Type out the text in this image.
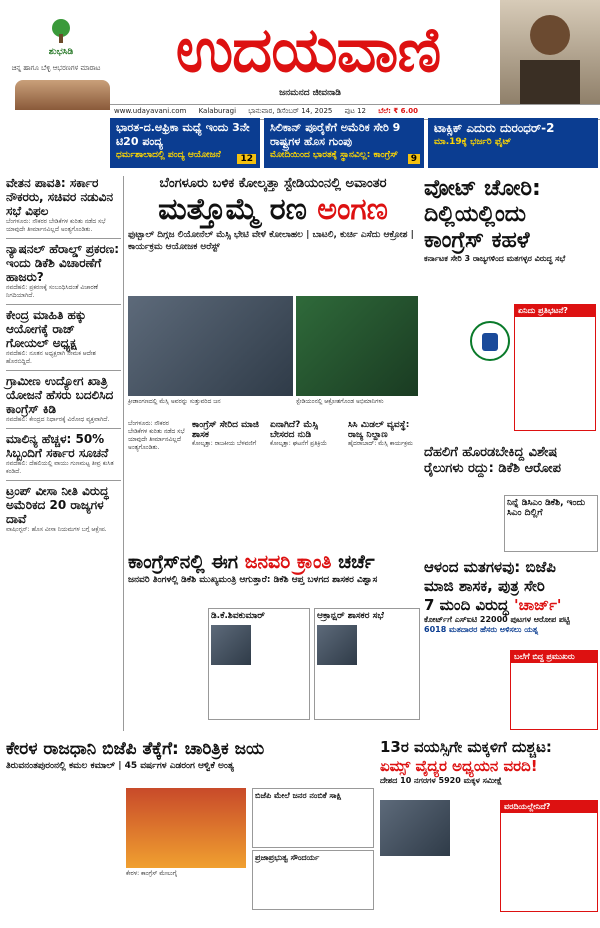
ಶುಭಸಿಡಿ
ಚಿನ್ನ ಹಾಗೂ ಬೆಳ್ಳಿ ಆಭರಣಗಳ ಮಾರಾಟ	ಉದಯವಾಣಿ
ಜನಮನದ ಜೀವನಾಡಿ
www.udayavani.com Kalaburagi ಭಾನುವಾರ, ಡಿಸೆಂಬರ್ 14, 2025 ಪುಟ 12 ಬೆಲೆ: ₹ 6.00
ಭಾರತ-ದ.ಆಫ್ರಿಕಾ ಮಧ್ಯೆ ಇಂದು 3ನೇ ಟಿ20 ಪಂದ್ಯ
ಧರ್ಮಶಾಲಾದಲ್ಲಿ ಪಂದ್ಯ ಆಯೋಜನೆ	12
ಸಿಲಿಕಾನ್ ಪೂರೈಕೆಗೆ ಅಮೆರಿಕ ಸೇರಿ 9 ರಾಷ್ಟ್ರಗಳ ಹೊಸ ಗುಂಪು
ಮೋದಿಯಿಂದ ಭಾರತಕ್ಕೆ ಸ್ಥಾನವಿಲ್ಲ: ಕಾಂಗ್ರೆಸ್	9
ಟಾಕ್ಸಿಕ್ ಎದುರು ದುರಂಧರ್-2
ಮಾ.19ಕ್ಕೆ ಭರ್ಜರಿ ಫೈಟ್
ವೇತನ ಪಾವತಿ: ಸರ್ಕಾರ ನೌಕರರು, ಸಚಿವರ ನಡುವಿನ ಸಭೆ ವಿಫಲ
ಬೆಂಗಳೂರು: ನೌಕರರ ಬೇಡಿಕೆಗಳ ಕುರಿತು ನಡೆದ ಸಭೆ ಯಾವುದೇ ತೀರ್ಮಾನವಿಲ್ಲದೆ ಅಂತ್ಯಗೊಂಡಿತು.
ನ್ಯಾಷನಲ್ ಹೆರಾಲ್ಡ್ ಪ್ರಕರಣ: ಇಂದು ಡಿಕೆಶಿ ವಿಚಾರಣೆಗೆ ಹಾಜರು?
ನವದೆಹಲಿ: ಪ್ರಕರಣಕ್ಕೆ ಸಂಬಂಧಿಸಿದಂತೆ ವಿಚಾರಣೆ ನಿಗದಿಯಾಗಿದೆ.
ಕೇಂದ್ರ ಮಾಹಿತಿ ಹಕ್ಕು ಆಯೋಗಕ್ಕೆ ರಾಜ್ ಗೋಯಲ್ ಅಧ್ಯಕ್ಷ
ನವದೆಹಲಿ: ನೂತನ ಅಧ್ಯಕ್ಷರಾಗಿ ನೇಮಕ ಆದೇಶ ಹೊರಬಿದ್ದಿದೆ.
ಗ್ರಾಮೀಣ ಉದ್ಯೋಗ ಖಾತ್ರಿ ಯೋಜನೆ ಹೆಸರು ಬದಲಿಸಿದ ಕಾಂಗ್ರೆಸ್ ಕಿಡಿ
ನವದೆಹಲಿ: ಕೇಂದ್ರದ ನಿರ್ಧಾರಕ್ಕೆ ವಿರೋಧ ವ್ಯಕ್ತವಾಗಿದೆ.
ಮಾಲಿನ್ಯ ಹೆಚ್ಚಳ: 50% ಸಿಬ್ಬಂದಿಗೆ ಸರ್ಕಾರ ಸೂಚನೆ
ನವದೆಹಲಿ: ದೆಹಲಿಯಲ್ಲಿ ವಾಯು ಗುಣಮಟ್ಟ ತೀವ್ರ ಕುಸಿತ ಕಂಡಿದೆ.
ಟ್ರಂಪ್ ವೀಸಾ ನೀತಿ ವಿರುದ್ಧ ಅಮೆರಿಕದ 20 ರಾಜ್ಯಗಳ ದಾವೆ
ವಾಷಿಂಗ್ಟನ್: ಹೊಸ ವೀಸಾ ನಿಯಮಗಳ ಬಗ್ಗೆ ಆಕ್ಷೇಪ.
ಬೆಂಗಳೂರು ಬಳಿಕ ಕೋಲ್ಕತ್ತಾ ಸ್ಟೇಡಿಯಂನಲ್ಲಿ ಅವಾಂತರ
ಮತ್ತೊಮ್ಮೆ ರಣ ಅಂಗಣ
ಫುಟ್ಬಾಲ್ ದಿಗ್ಗಜ ಲಿಯೋನೆಲ್ ಮೆಸ್ಸಿ ಭೇಟಿ ವೇಳೆ ಕೋಲಾಹಲ | ಬಾಟಲಿ, ಕುರ್ಚಿ ಎಸೆದು ಆಕ್ರೋಶ | ಕಾರ್ಯಕ್ರಮ ಆಯೋಜಕ ಅರೆಸ್ಟ್
ಕ್ರೀಡಾಂಗಣದಲ್ಲಿ ಮೆಸ್ಸಿ ಅವರನ್ನು ಸುತ್ತುವರಿದ ಜನ	ಸ್ಟೇಡಿಯಂನಲ್ಲಿ ಆಕ್ರೋಶಗೊಂಡ ಅಭಿಮಾನಿಗಳು
ಬೆಂಗಳೂರು: ನೌಕರರ ಬೇಡಿಕೆಗಳ ಕುರಿತು ನಡೆದ ಸಭೆ ಯಾವುದೇ ತೀರ್ಮಾನವಿಲ್ಲದೆ ಅಂತ್ಯಗೊಂಡಿತು.
ಕಾಂಗ್ರೆಸ್ ಸೇರಿದ ಮಾಜಿ ಶಾಸಕ
ಕೋಲ್ಕತ್ತಾ: ರಾಜಕೀಯ ಬೆಳವಣಿಗೆ
ಏನಾಗಿದೆ? ಮೆಸ್ಸಿ ಬೇಸರದ ನುಡಿ
ಕೋಲ್ಕತ್ತಾ: ಘಟನೆಗೆ ಪ್ರತಿಕ್ರಿಯೆ
ಸಿಸಿ ಮಿಡಲ್ ವ್ಯವಸ್ಥೆ: ರಾಜ್ಯ ನಿಲ್ದಾಣ
ಹೈದರಾಬಾದ್: ಮೆಸ್ಸಿ ಕಾರ್ಯಕ್ರಮ
ವೋಟ್ ಚೋರಿ:
ದಿಲ್ಲಿಯಲ್ಲಿಂದು
ಕಾಂಗ್ರೆಸ್ ಕಹಳೆ
ಕರ್ನಾಟಕ ಸೇರಿ 3 ರಾಜ್ಯಗಳಿಂದ ಮತಗಳ್ಳರ ವಿರುದ್ಧ ಸಭೆ
ಏನಿದು ಪ್ರತಿಭಟನೆ?
ದೆಹಲಿಗೆ ಹೊರಡಬೇಕಿದ್ದ ವಿಶೇಷ ರೈಲುಗಳು ರದ್ದು: ಡಿಕೆಶಿ ಆರೋಪ
ನಿನ್ನೆ ಡಿಸಿಎಂ ಡಿಕೆಶಿ, ಇಂದು ಸಿಎಂ ದಿಲ್ಲಿಗೆ
ಕಾಂಗ್ರೆಸ್‌ನಲ್ಲಿ ಈಗ ಜನವರಿ ಕ್ರಾಂತಿ ಚರ್ಚೆ
ಜನವರಿ ತಿಂಗಳಲ್ಲಿ ಡಿಕೆಶಿ ಮುಖ್ಯಮಂತ್ರಿ ಆಗುತ್ತಾರೆ: ಡಿಕೆಶಿ ಆಪ್ತ ಬಳಗದ ಶಾಸಕರ ವಿಶ್ವಾಸ
ಡಿ.ಕೆ.ಶಿವಕುಮಾರ್	ಆಕ್ರಾನ್ಷರ್ ಶಾಸಕರ ಸಭೆ
ಆಳಂದ ಮತಗಳವು: ಬಿಜೆಪಿ
ಮಾಜಿ ಶಾಸಕ, ಪುತ್ರ ಸೇರಿ
7 ಮಂದಿ ವಿರುದ್ಧ 'ಚಾರ್ಜ್'
ಕೋರ್ಟ್‌ಗೆ ಎಸ್‌ಐಟಿ 22000 ಪುಟಗಳ ಆರೋಪ ಪಟ್ಟಿ
6018 ಮತದಾರರ ಹೆಸರು ಅಳಿಸಲು ಯತ್ನ
ಬಲೆಗೆ ಬಿದ್ದ ಪ್ರಮುಖರು
ಕೇರಳ ರಾಜಧಾನಿ ಬಿಜೆಪಿ ತೆಕ್ಕೆಗೆ: ಚಾರಿತ್ರಿಕ ಜಯ
ತಿರುವನಂತಪುರಂನಲ್ಲಿ ಕಮಲ ಕಮಾಲ್ | 45 ವರ್ಷಗಳ ಎಡರಂಗ ಆಳ್ವಿಕೆ ಅಂತ್ಯ
ಬಿಜೆಪಿ ಮೇಲೆ ಜನರ ನಂಬಿಕೆ ಸಾಕ್ಷಿ
ಪ್ರಜಾಪ್ರಭುತ್ವ ಸೌಂದರ್ಯ
ಕೇರಳ: ಕಾಂಗ್ರೆಸ್ ಮೇಲುಗೈ
13ರ ವಯಸ್ಸಿಗೇ ಮಕ್ಕಳಿಗೆ ದುಶ್ಚಟ:
ಏಮ್ಸ್ ವೈದ್ಯರ ಅಧ್ಯಯನ ವರದಿ!
ದೇಶದ 10 ನಗರಗಳ 5920 ಮಕ್ಕಳ ಸಮೀಕ್ಷೆ
ವರದಿಯಲ್ಲೇನಿದೆ?
